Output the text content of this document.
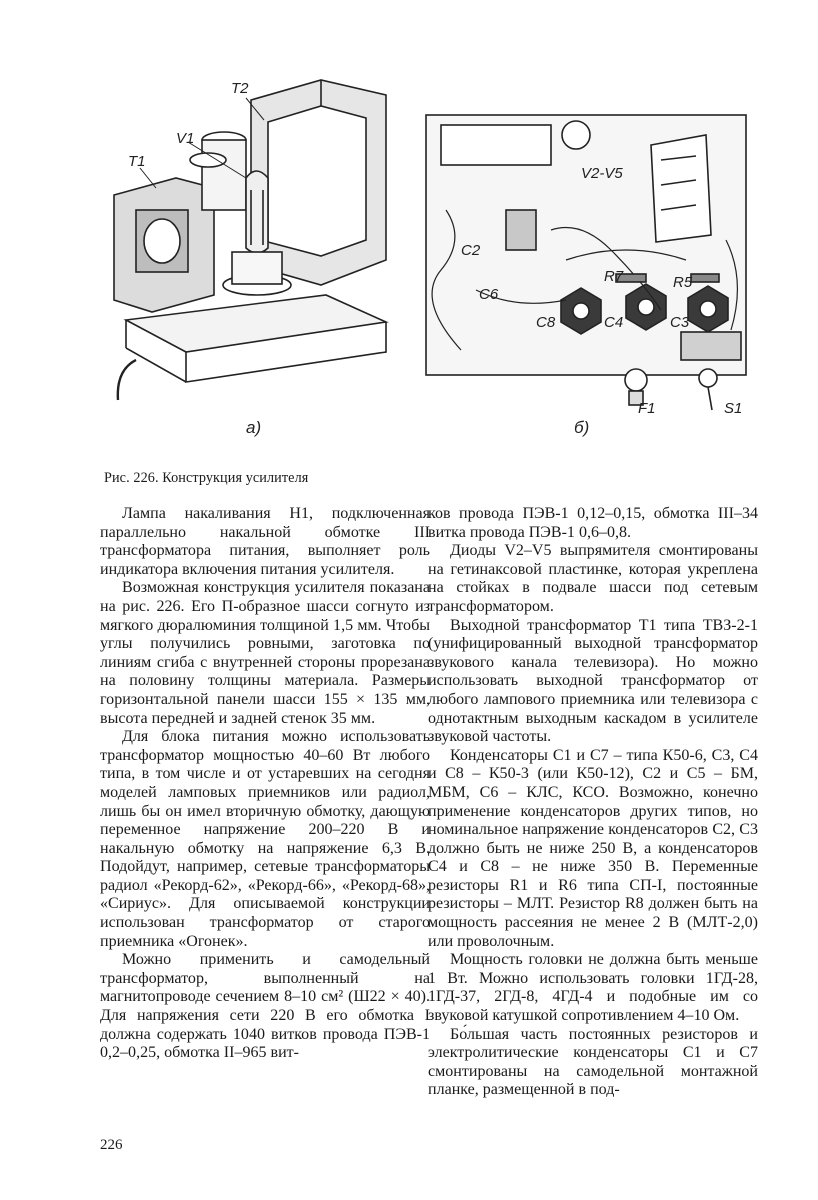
T2
V1
T1
V2-V5
C2
C6
R7	R5
C8	C4	C3
F1	S1
а)	б)
Рис. 226. Конструкция усилителя

Лампа накаливания H1, подключенная параллельно накальной обмотке III трансформатора питания, выполняет роль индикатора включения питания усилителя.

Возможная конструкция усилителя показана на рис. 226. Его П-образное шасси согнуто из мягкого дюралюминия толщиной 1,5 мм. Чтобы углы получились ровными, заготовка по линиям сгиба с внутренней стороны прорезана на половину толщины материала. Размеры горизонтальной панели шасси 155 × 135 мм, высота передней и задней стенок 35 мм.

Для блока питания можно использовать трансформатор мощностью 40–60 Вт любого типа, в том числе и от устаревших на сегодня моделей ламповых приемников или радиол, лишь бы он имел вторичную обмотку, дающую переменное напряжение 200–220 В и накальную обмотку на напряжение 6,3 В. Подойдут, например, сетевые трансформаторы радиол «Рекорд-62», «Рекорд-66», «Рекорд-68», «Сириус». Для описываемой конструкции использован трансформатор от старого приемника «Огонек».

Можно применить и самодельный трансформатор, выполненный на магнитопроводе сечением 8–10 см² (Ш22 × 40). Для напряжения сети 220 В его обмотка I должна содержать 1040 витков провода ПЭВ-1 0,2–0,25, обмотка II–965 вит-

ков провода ПЭВ-1 0,12–0,15, обмотка III–34 витка провода ПЭВ-1 0,6–0,8.

Диоды V2–V5 выпрямителя смонтированы на гетинаксовой пластинке, которая укреплена на стойках в подвале шасси под сетевым трансформатором.

Выходной трансформатор T1 типа ТВЗ-2-1 (унифицированный выходной трансформатор звукового канала телевизора). Но можно использовать выходной трансформатор от любого лампового приемника или телевизора с однотактным выходным каскадом в усилителе звуковой частоты.

Конденсаторы C1 и C7 – типа К50-6, C3, C4 и C8 – К50-3 (или К50-12), C2 и C5 – БМ, МБМ, C6 – КЛС, КСО. Возможно, конечно применение конденсаторов других типов, но номинальное напряжение конденсаторов C2, C3 должно быть не ниже 250 В, а конденсаторов C4 и C8 – не ниже 350 В. Переменные резисторы R1 и R6 типа СП-I, постоянные резисторы – МЛТ. Резистор R8 должен быть на мощность рассеяния не менее 2 В (МЛТ-2,0) или проволочным.

Мощность головки не должна быть меньше 1 Вт. Можно использовать головки 1ГД-28, 1ГД-37, 2ГД-8, 4ГД-4 и подобные им со звуковой катушкой сопротивлением 4–10 Ом.

Бо́льшая часть постоянных резисторов и электролитические конденсаторы C1 и C7 смонтированы на самодельной монтажной планке, размещенной в под-

226
